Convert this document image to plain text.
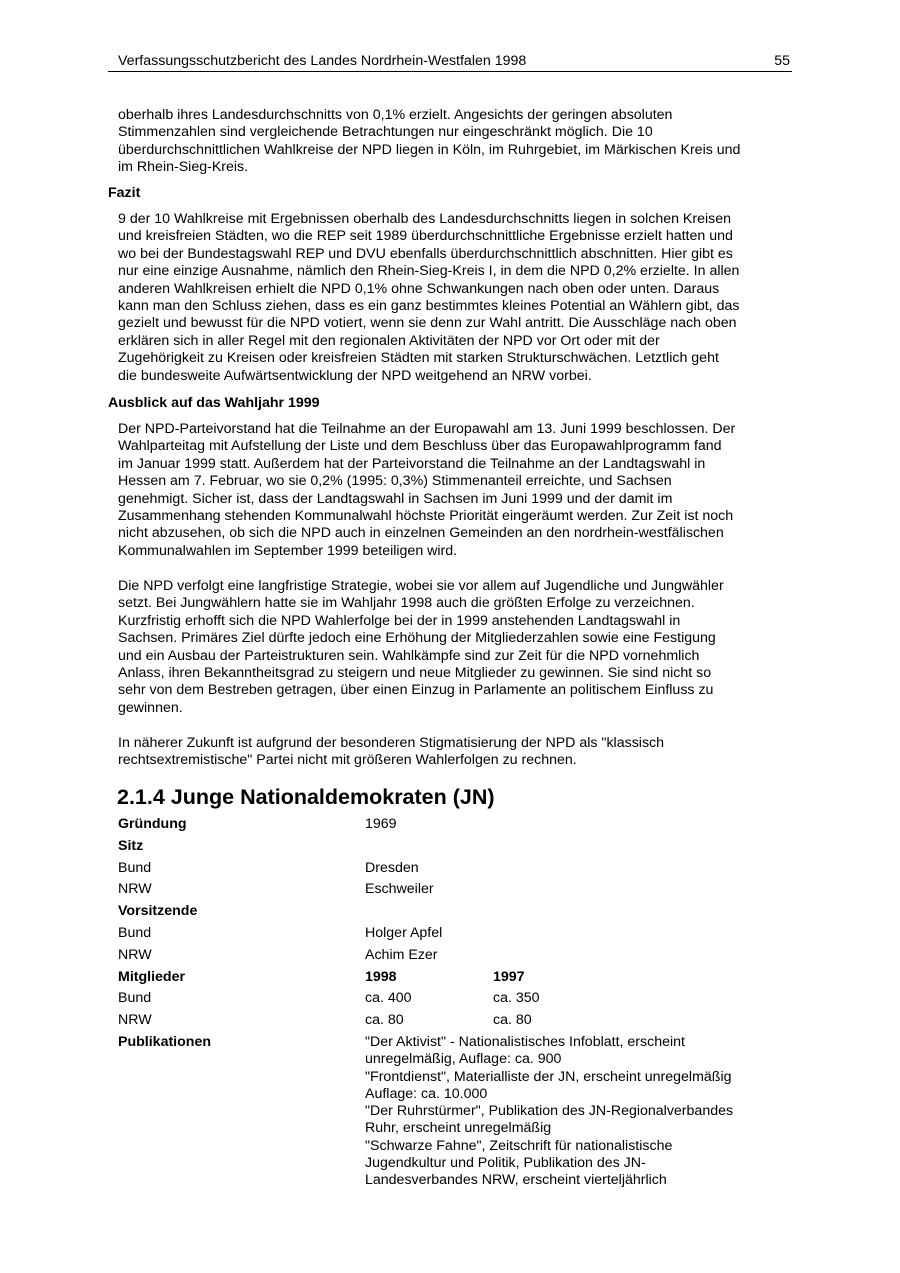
Verfassungsschutzbericht des Landes Nordrhein-Westfalen 1998	55

oberhalb ihres Landesdurchschnitts von 0,1% erzielt. Angesichts der geringen absoluten
Stimmenzahlen sind vergleichende Betrachtungen nur eingeschränkt möglich. Die 10
überdurchschnittlichen Wahlkreise der NPD liegen in Köln, im Ruhrgebiet, im Märkischen Kreis und
im Rhein-Sieg-Kreis.

Fazit

9 der 10 Wahlkreise mit Ergebnissen oberhalb des Landesdurchschnitts liegen in solchen Kreisen
und kreisfreien Städten, wo die REP seit 1989 überdurchschnittliche Ergebnisse erzielt hatten und
wo bei der Bundestagswahl REP und DVU ebenfalls überdurchschnittlich abschnitten. Hier gibt es
nur eine einzige Ausnahme, nämlich den Rhein-Sieg-Kreis I, in dem die NPD 0,2% erzielte. In allen
anderen Wahlkreisen erhielt die NPD 0,1% ohne Schwankungen nach oben oder unten. Daraus
kann man den Schluss ziehen, dass es ein ganz bestimmtes kleines Potential an Wählern gibt, das
gezielt und bewusst für die NPD votiert, wenn sie denn zur Wahl antritt. Die Ausschläge nach oben
erklären sich in aller Regel mit den regionalen Aktivitäten der NPD vor Ort oder mit der
Zugehörigkeit zu Kreisen oder kreisfreien Städten mit starken Strukturschwächen. Letztlich geht
die bundesweite Aufwärtsentwicklung der NPD weitgehend an NRW vorbei.

Ausblick auf das Wahljahr 1999

Der NPD-Parteivorstand hat die Teilnahme an der Europawahl am 13. Juni 1999 beschlossen. Der
Wahlparteitag mit Aufstellung der Liste und dem Beschluss über das Europawahlprogramm fand
im Januar 1999 statt. Außerdem hat der Parteivorstand die Teilnahme an der Landtagswahl in
Hessen am 7. Februar, wo sie 0,2% (1995: 0,3%) Stimmenanteil erreichte, und Sachsen
genehmigt. Sicher ist, dass der Landtagswahl in Sachsen im Juni 1999 und der damit im
Zusammenhang stehenden Kommunalwahl höchste Priorität eingeräumt werden. Zur Zeit ist noch
nicht abzusehen, ob sich die NPD auch in einzelnen Gemeinden an den nordrhein-westfälischen
Kommunalwahlen im September 1999 beteiligen wird.

Die NPD verfolgt eine langfristige Strategie, wobei sie vor allem auf Jugendliche und Jungwähler
setzt. Bei Jungwählern hatte sie im Wahljahr 1998 auch die größten Erfolge zu verzeichnen.
Kurzfristig erhofft sich die NPD Wahlerfolge bei der in 1999 anstehenden Landtagswahl in
Sachsen. Primäres Ziel dürfte jedoch eine Erhöhung der Mitgliederzahlen sowie eine Festigung
und ein Ausbau der Parteistrukturen sein. Wahlkämpfe sind zur Zeit für die NPD vornehmlich
Anlass, ihren Bekanntheitsgrad zu steigern und neue Mitglieder zu gewinnen. Sie sind nicht so
sehr von dem Bestreben getragen, über einen Einzug in Parlamente an politischem Einfluss zu
gewinnen.

In näherer Zukunft ist aufgrund der besonderen Stigmatisierung der NPD als "klassisch
rechtsextremistische" Partei nicht mit größeren Wahlerfolgen zu rechnen.

2.1.4 Junge Nationaldemokraten (JN)
Gründung	1969
Sitz
Bund	Dresden
NRW	Eschweiler
Vorsitzende
Bund	Holger Apfel
NRW	Achim Ezer
Mitglieder	1998	1997
Bund	ca. 400	ca. 350
NRW	ca. 80	ca. 80
Publikationen	"Der Aktivist" - Nationalistisches Infoblatt, erscheint
unregelmäßig, Auflage: ca. 900
"Frontdienst", Materialliste der JN, erscheint unregelmäßig
Auflage: ca. 10.000
"Der Ruhrstürmer", Publikation des JN-Regionalverbandes
Ruhr, erscheint unregelmäßig
"Schwarze Fahne", Zeitschrift für nationalistische
Jugendkultur und Politik, Publikation des JN-
Landesverbandes NRW, erscheint vierteljährlich
